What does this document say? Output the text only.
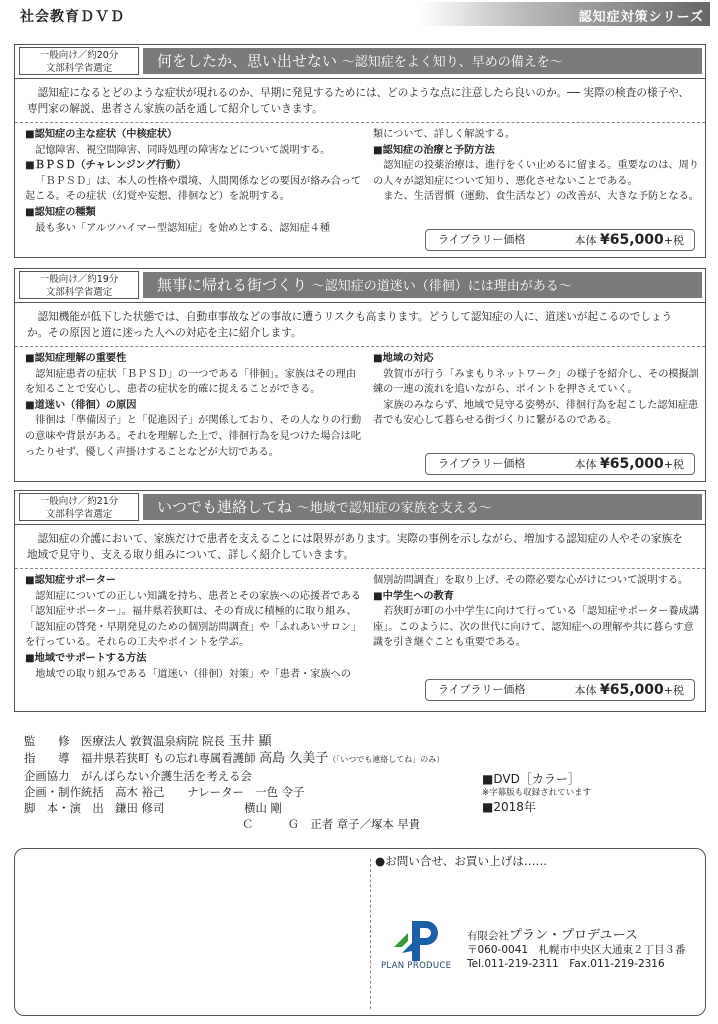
社会教育ＤＶＤ	認知症対策シリーズ
一般向け／約20分
文部科学省選定	何をしたか、思い出せない ～認知症をよく知り、早めの備えを～
　認知症になるとどのような症状が現れるのか、早期に発見するためには、どのような点に注意したら良いのか。── 実際の検査の様子や、専門家の解説、患者さん家族の話を通して紹介していきます。
■認知症の主な症状（中核症状）

記憶障害、視空間障害、同時処理の障害などについて説明する。

■ＢＰＳＤ（チャレンジング行動）

「ＢＰＳＤ」は、本人の性格や環境、人間関係などの要因が絡み合って起こる。その症状（幻覚や妄想、徘徊など）を説明する。

■認知症の種類

最も多い「アルツハイマー型認知症」を始めとする、認知症４種

類について、詳しく解説する。

■認知症の治療と予防方法

認知症の投薬治療は、進行をくい止めるに留まる。重要なのは、周りの人々が認知症について知り、悪化させないことである。

また、生活習慣（運動、食生活など）の改善が、大きな予防となる。

ライブラリー価格	本体 ¥65,000+税
一般向け／約19分
文部科学省選定	無事に帰れる街づくり ～認知症の道迷い（徘徊）には理由がある～
　認知機能が低下した状態では、自動車事故などの事故に遭うリスクも高まります。どうして認知症の人に、道迷いが起こるのでしょうか。その原因と道に迷った人への対応を主に紹介します。
■認知症理解の重要性

認知症患者の症状「ＢＰＳＤ」の一つである「徘徊」。家族はその理由を知ることで安心し、患者の症状を的確に捉えることができる。

■道迷い（徘徊）の原因

徘徊は「準備因子」と「促進因子」が関係しており、その人なりの行動の意味や背景がある。それを理解した上で、徘徊行為を見つけた場合は叱ったりせず、優しく声掛けすることなどが大切である。

■地域の対応

敦賀市が行う「みまもりネットワーク」の様子を紹介し、その模擬訓練の一連の流れを追いながら、ポイントを押さえていく。

家族のみならず、地域で見守る姿勢が、徘徊行為を起こした認知症患者でも安心して暮らせる街づくりに繋がるのである。

ライブラリー価格	本体 ¥65,000+税
一般向け／約21分
文部科学省選定	いつでも連絡してね ～地域で認知症の家族を支える～
　認知症の介護において、家族だけで患者を支えることには限界があります。実際の事例を示しながら、増加する認知症の人やその家族を地域で見守り、支える取り組みについて、詳しく紹介していきます。
■認知症サポーター

認知症についての正しい知識を持ち、患者とその家族への応援者である「認知症サポーター」。福井県若狭町は、その育成に積極的に取り組み、「認知症の啓発・早期発見のための個別訪問調査」や「ふれあいサロン」を行っている。それらの工夫やポイントを学ぶ。

■地域でサポートする方法

地域での取り組みである「道迷い（徘徊）対策」や「患者・家族への

個別訪問調査」を取り上げ、その際必要な心がけについて説明する。

■中学生への教育

若狭町が町の小中学生に向けて行っている「認知症サポーター養成講座」。このように、次の世代に向けて、認知症への理解や共に暮らす意識を引き継ぐことも重要である。

ライブラリー価格	本体 ¥65,000+税
監　　修　 医療法人 敦賀温泉病院 院長 玉井 顯
指　　導　 福井県若狭町 もの忘れ専属看護師 高島 久美子（「いつでも連絡してね」のみ）
企画協力　 がんばらない介護生活を考える会
企画・制作統括　 高木 裕己　　 ナレーター　 一色 令子
脚　本・演　出　 鎌田 修司　　　　　　　	横山 剛
Ｃ　　　Ｇ　 正者 章子／塚本 早貴
■DVD［カラー］
※字幕版も収録されています
■2018年
●お問い合せ、お買い上げは……
PLAN PRODUCE
有限会社プラン・プロデユース
〒060-0041　札幌市中央区大通東２丁目３番
Tel.011-219-2311　Fax.011-219-2316
